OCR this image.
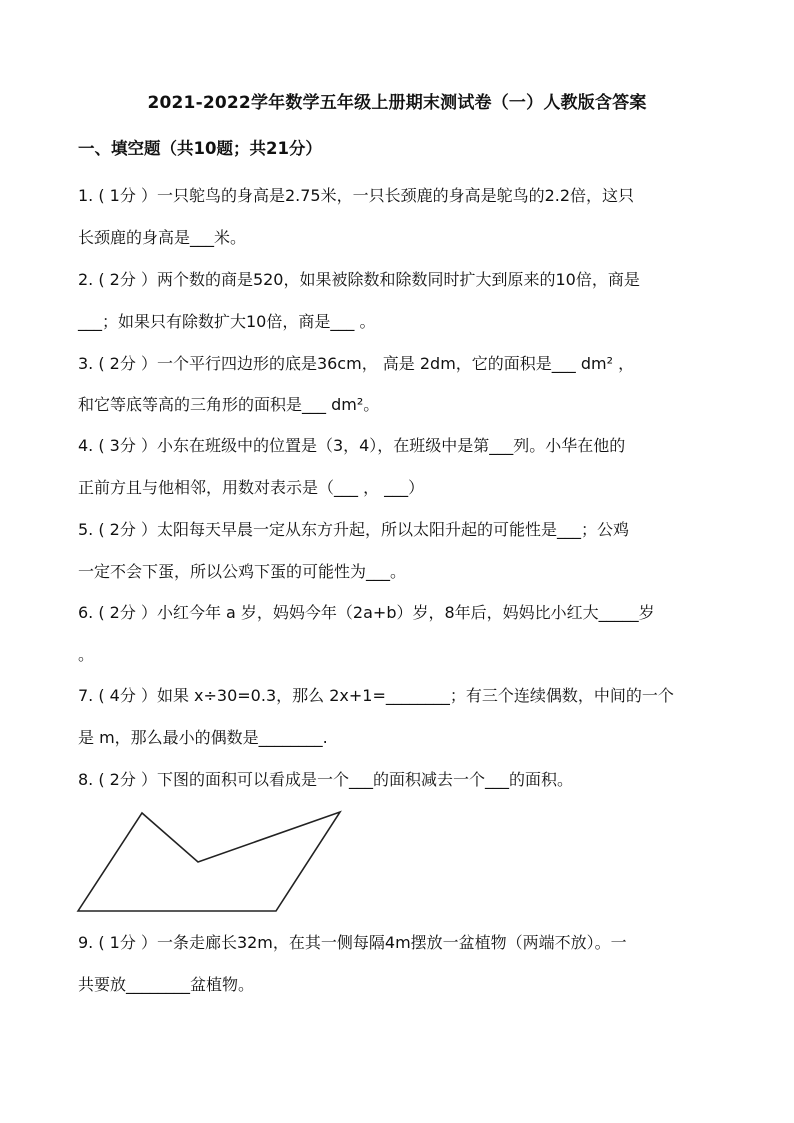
2021-2022学年数学五年级上册期末测试卷（一）人教版含答案
一、填空题（共10题；共21分）
1. ( 1分 ）一只鸵鸟的身高是2.75米，一只长颈鹿的身高是鸵鸟的2.2倍，这只
长颈鹿的身高是___米。
2. ( 2分 ）两个数的商是520，如果被除数和除数同时扩大到原来的10倍，商是
___；如果只有除数扩大10倍，商是___ 。
3. ( 2分 ）一个平行四边形的底是36cm， 高是 2dm，它的面积是___ dm² ，
和它等底等高的三角形的面积是___ dm²。
4. ( 3分 ）小东在班级中的位置是（3，4），在班级中是第___列。小华在他的
正前方且与他相邻，用数对表示是（___ ， ___）
5. ( 2分 ）太阳每天早晨一定从东方升起，所以太阳升起的可能性是___；公鸡
一定不会下蛋，所以公鸡下蛋的可能性为___。
6. ( 2分 ）小红今年 a 岁，妈妈今年（2a+b）岁，8年后，妈妈比小红大_____岁
。
7. ( 4分 ）如果 x÷30=0.3，那么 2x+1=________；有三个连续偶数，中间的一个
是 m，那么最小的偶数是________.
8. ( 2分 ）下图的面积可以看成是一个___的面积减去一个___的面积。
9. ( 1分 ）一条走廊长32m，在其一侧每隔4m摆放一盆植物（两端不放）。一
共要放________盆植物。
